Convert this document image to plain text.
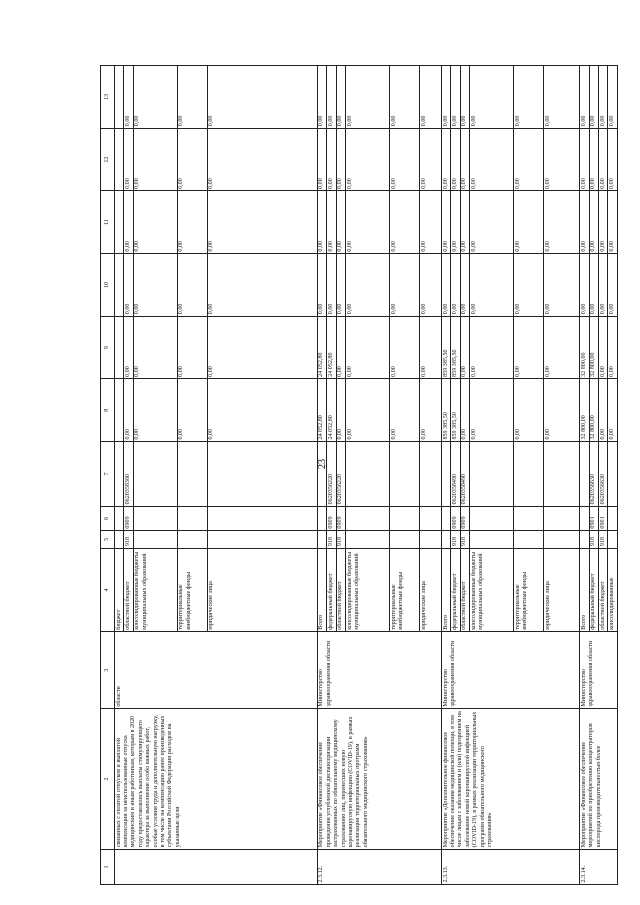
23
1	2	3	4	5	6	7	8	9	10	11	12	13
	связанных с оплатой отпусков и выплатой компенсации за неиспользованные отпуска медицинским и иным работникам, которым в 2020 году предоставлялись выплаты стимулирующего характера за выполнение особо важных работ, особые условия труда и дополнительную нагрузку, в том числе на компенсацию ранее произведенных субъектами Российской Федерации расходов на указанные цели	области	бюджет									
			областной бюджет	918	0909	0620358360	0,00	0,00	0,00	0,00	0,00	0,00
			консолидированные бюджеты муниципальных образований				0,00	0,00	0,00	0,00	0,00	0,00
			территориальные внебюджетные фонды				0,00	0,00	0,00	0,00	0,00	0,00
			юридические лица				0,00	0,00	0,00	0,00	0,00	0,00
2.3.12.	Мероприятие «Финансовое обеспечение проведения углубленной диспансеризации застрахованных по обязательному медицинскому страхованию лиц, перенесших новую коронавирусную инфекцию (COVID-19), в рамках реализации территориальных программ обязательного медицинского страхования»	Министерство здравоохранения области	Всего				24 052,80	24 052,80	0,00	0,00	0,00	0,00
			федеральный бюджет	918	0909	0620356220	24 052,80	24 052,80	0,00	0,00	0,00	0,00
			областной бюджет	918	0909	0620356220	0,00	0,00	0,00	0,00	0,00	0,00
			консолидированные бюджеты муниципальных образований				0,00	0,00	0,00	0,00	0,00	0,00
			территориальные внебюджетные фонды				0,00	0,00	0,00	0,00	0,00	0,00
			юридические лица				0,00	0,00	0,00	0,00	0,00	0,00
2.3.13.	Мероприятие «Дополнительное финансовое обеспечение оказания медицинской помощи, в том числе лицам с заболеванием и (или) подозрением на заболевание новой коронавирусной инфекцией (COVID-19), в рамках реализации территориальных программ обязательного медицинского страхования»	Министерство здравоохранения области	Всего				859 385,50	859 385,50	0,00	0,00	0,00	0,00
			федеральный бюджет	918	0909	0620358490	859 385,50	859 385,50	0,00	0,00	0,00	0,00
			областной бюджет	918	0909	0620358490	0,00	0,00	0,00	0,00	0,00	0,00
			консолидированные бюджеты муниципальных образований				0,00	0,00	0,00	0,00	0,00	0,00
			территориальные внебюджетные фонды				0,00	0,00	0,00	0,00	0,00	0,00
			юридические лица				0,00	0,00	0,00	0,00	0,00	0,00
2.3.14.	Мероприятие «Финансовое обеспечение мероприятий по приобретению концентраторов кислорода производительностью более	Министерство здравоохранения области	Всего				32 800,00	32 800,00	0,00	0,00	0,00	0,00
			федеральный бюджет	918	0901	0620356630	32 800,00	32 800,00	0,00	0,00	0,00	0,00
			областной бюджет	918	0901	0620356630	0,00	0,00	0,00	0,00	0,00	0,00
			консолидированные				0,00	0,00	0,00	0,00	0,00	0,00
